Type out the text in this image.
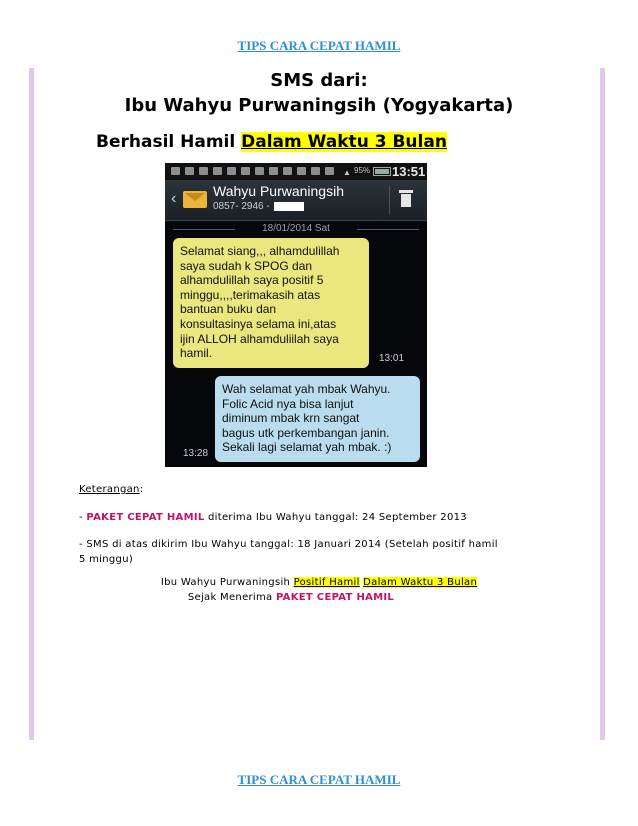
TIPS CARA CEPAT HAMIL
SMS dari:
Ibu Wahyu Purwaningsih (Yogyakarta)
Berhasil Hamil Dalam Waktu 3 Bulan
▲ 95% 13:51
‹	Wahyu Purwaningsih
0857- 2946 -
18/01/2014 Sat
Selamat siang,,, alhamdulillah
saya sudah k SPOG dan
alhamdulillah saya positif 5
minggu,,,,terimakasih atas
bantuan buku dan
konsultasinya selama ini,atas
ijin ALLOH alhamduliilah saya
hamil.	13:01
Wah selamat yah mbak Wahyu.
Folic Acid nya bisa lanjut
diminum mbak krn sangat
bagus utk perkembangan janin.
Sekali lagi selamat yah mbak. :)
13:28
Keterangan:
- PAKET CEPAT HAMIL diterima Ibu Wahyu tanggal: 24 September 2013
- SMS di atas dikirim Ibu Wahyu tanggal: 18 Januari 2014 (Setelah positif hamil
5 minggu)
Ibu Wahyu Purwaningsih Positif Hamil Dalam Waktu 3 Bulan
Sejak Menerima PAKET CEPAT HAMIL
TIPS CARA CEPAT HAMIL
